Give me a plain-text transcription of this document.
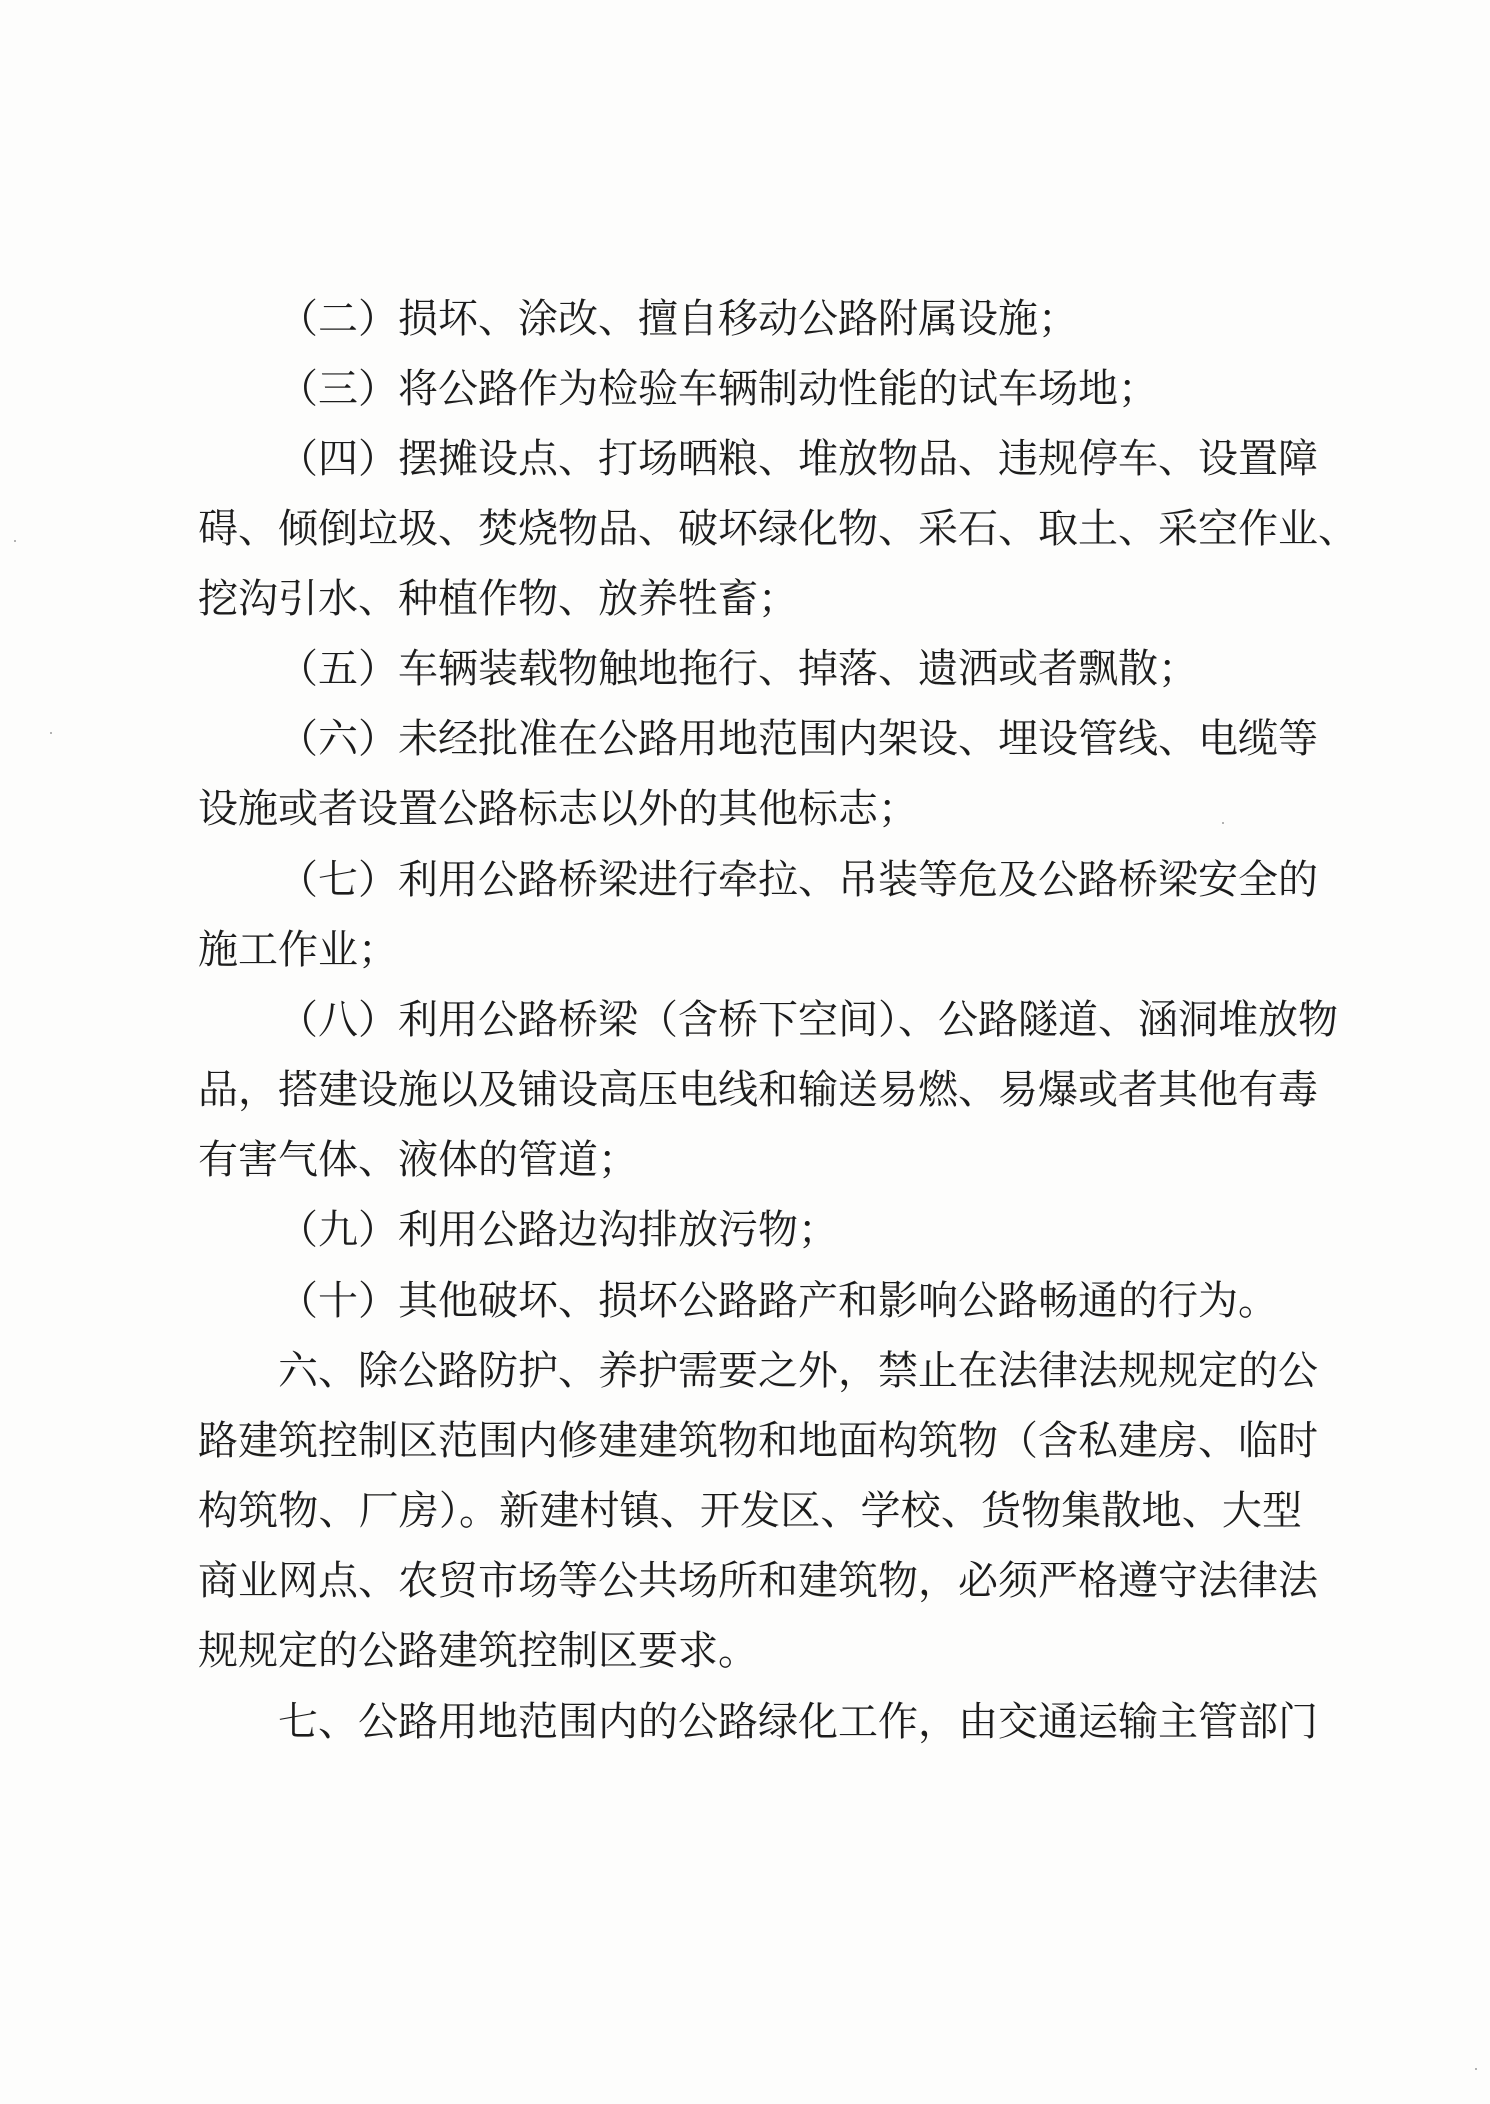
（二）损坏、涂改、擅自移动公路附属设施；
（三）将公路作为检验车辆制动性能的试车场地；
（四）摆摊设点、打场晒粮、堆放物品、违规停车、设置障
碍、倾倒垃圾、焚烧物品、破坏绿化物、采石、取土、采空作业、
挖沟引水、种植作物、放养牲畜；
（五）车辆装载物触地拖行、掉落、遗洒或者飘散；
（六）未经批准在公路用地范围内架设、埋设管线、电缆等
设施或者设置公路标志以外的其他标志；
（七）利用公路桥梁进行牵拉、吊装等危及公路桥梁安全的
施工作业；
（八）利用公路桥梁（含桥下空间）、公路隧道、涵洞堆放物
品，搭建设施以及铺设高压电线和输送易燃、易爆或者其他有毒
有害气体、液体的管道；
（九）利用公路边沟排放污物；
（十）其他破坏、损坏公路路产和影响公路畅通的行为。
六、除公路防护、养护需要之外，禁止在法律法规规定的公
路建筑控制区范围内修建建筑物和地面构筑物（含私建房、临时
构筑物、厂房）。新建村镇、开发区、学校、货物集散地、大型
商业网点、农贸市场等公共场所和建筑物，必须严格遵守法律法
规规定的公路建筑控制区要求。
七、公路用地范围内的公路绿化工作，由交通运输主管部门
